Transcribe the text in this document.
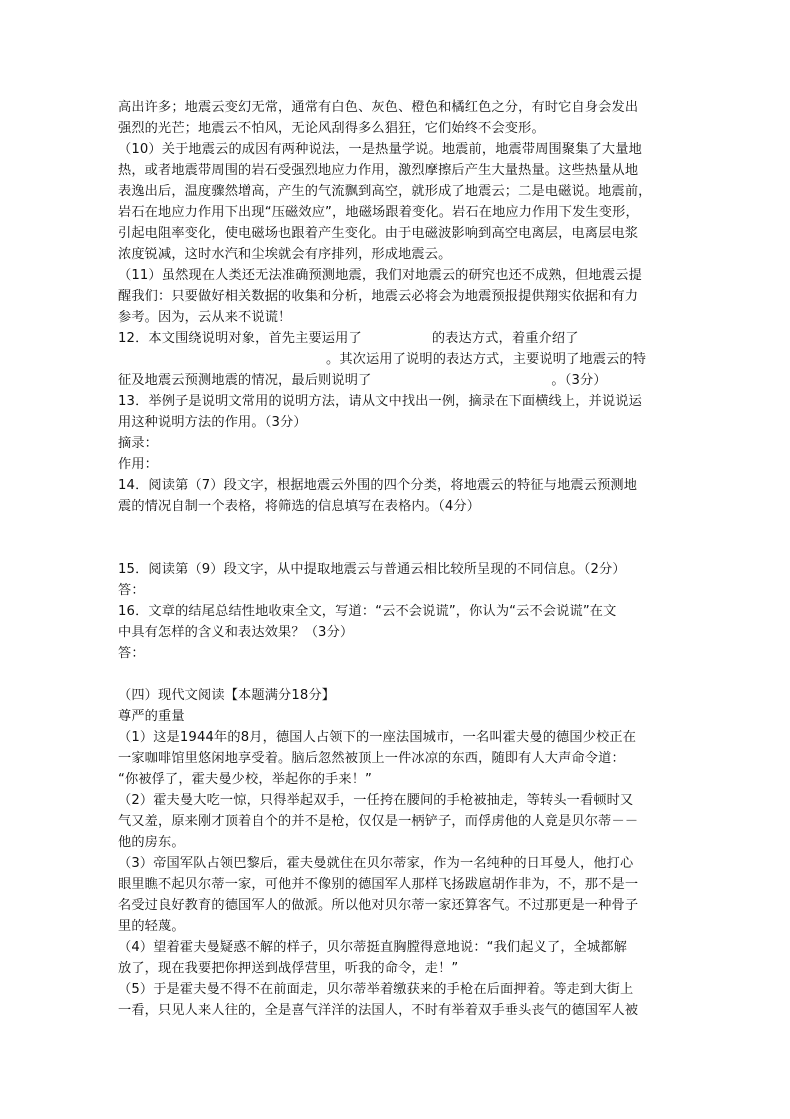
高出许多；地震云变幻无常，通常有白色、灰色、橙色和橘红色之分，有时它自身会发出
强烈的光芒；地震云不怕风，无论风刮得多么猖狂，它们始终不会变形。
（10）关于地震云的成因有两种说法，一是热量学说。地震前，地震带周围聚集了大量地
热，或者地震带周围的岩石受强烈地应力作用，激烈摩擦后产生大量热量。这些热量从地
表逸出后，温度骤然增高，产生的气流飘到高空，就形成了地震云；二是电磁说。地震前，
岩石在地应力作用下出现“压磁效应”，地磁场跟着变化。岩石在地应力作用下发生变形，
引起电阻率变化，使电磁场也跟着产生变化。由于电磁波影响到高空电离层，电离层电浆
浓度锐减，这时水汽和尘埃就会有序排列，形成地震云。
（11）虽然现在人类还无法准确预测地震，我们对地震云的研究也还不成熟，但地震云提
醒我们：只要做好相关数据的收集和分析，地震云必将会为地震预报提供翔实依据和有力
参考。因为，云从来不说谎！
12．本文围绕说明对象，首先主要运用了	的表达方式，着重介绍了
。其次运用了说明的表达方式，主要说明了地震云的特
征及地震云预测地震的情况，最后则说明了	。（3分）
13．举例子是说明文常用的说明方法，请从文中找出一例，摘录在下面横线上，并说说运
用这种说明方法的作用。（3分）
摘录：
作用：
14．阅读第（7）段文字，根据地震云外围的四个分类，将地震云的特征与地震云预测地
震的情况自制一个表格，将筛选的信息填写在表格内。（4分）
15．阅读第（9）段文字，从中提取地震云与普通云相比较所呈现的不同信息。（2分）
答：
16．文章的结尾总结性地收束全文，写道：“云不会说谎”，你认为“云不会说谎”在文
中具有怎样的含义和表达效果？（3分）
答：
（四）现代文阅读【本题满分18分】
尊严的重量
（1）这是1944年的8月，德国人占领下的一座法国城市，一名叫霍夫曼的德国少校正在
一家咖啡馆里悠闲地享受着。脑后忽然被顶上一件冰凉的东西，随即有人大声命令道：
“你被俘了，霍夫曼少校，举起你的手来！”
（2）霍夫曼大吃一惊，只得举起双手，一任挎在腰间的手枪被抽走，等转头一看顿时又
气又羞，原来刚才顶着自个的并不是枪，仅仅是一柄铲子，而俘虏他的人竟是贝尔蒂－－
他的房东。
（3）帝国军队占领巴黎后，霍夫曼就住在贝尔蒂家，作为一名纯种的日耳曼人，他打心
眼里瞧不起贝尔蒂一家，可他并不像别的德国军人那样飞扬跋扈胡作非为，不，那不是一
名受过良好教育的德国军人的做派。所以他对贝尔蒂一家还算客气。不过那更是一种骨子
里的轻蔑。
（4）望着霍夫曼疑惑不解的样子，贝尔蒂挺直胸膛得意地说：“我们起义了，全城都解
放了，现在我要把你押送到战俘营里，听我的命令，走！”
（5）于是霍夫曼不得不在前面走，贝尔蒂举着缴获来的手枪在后面押着。等走到大街上
一看，只见人来人往的，全是喜气洋洋的法国人，不时有举着双手垂头丧气的德国军人被
